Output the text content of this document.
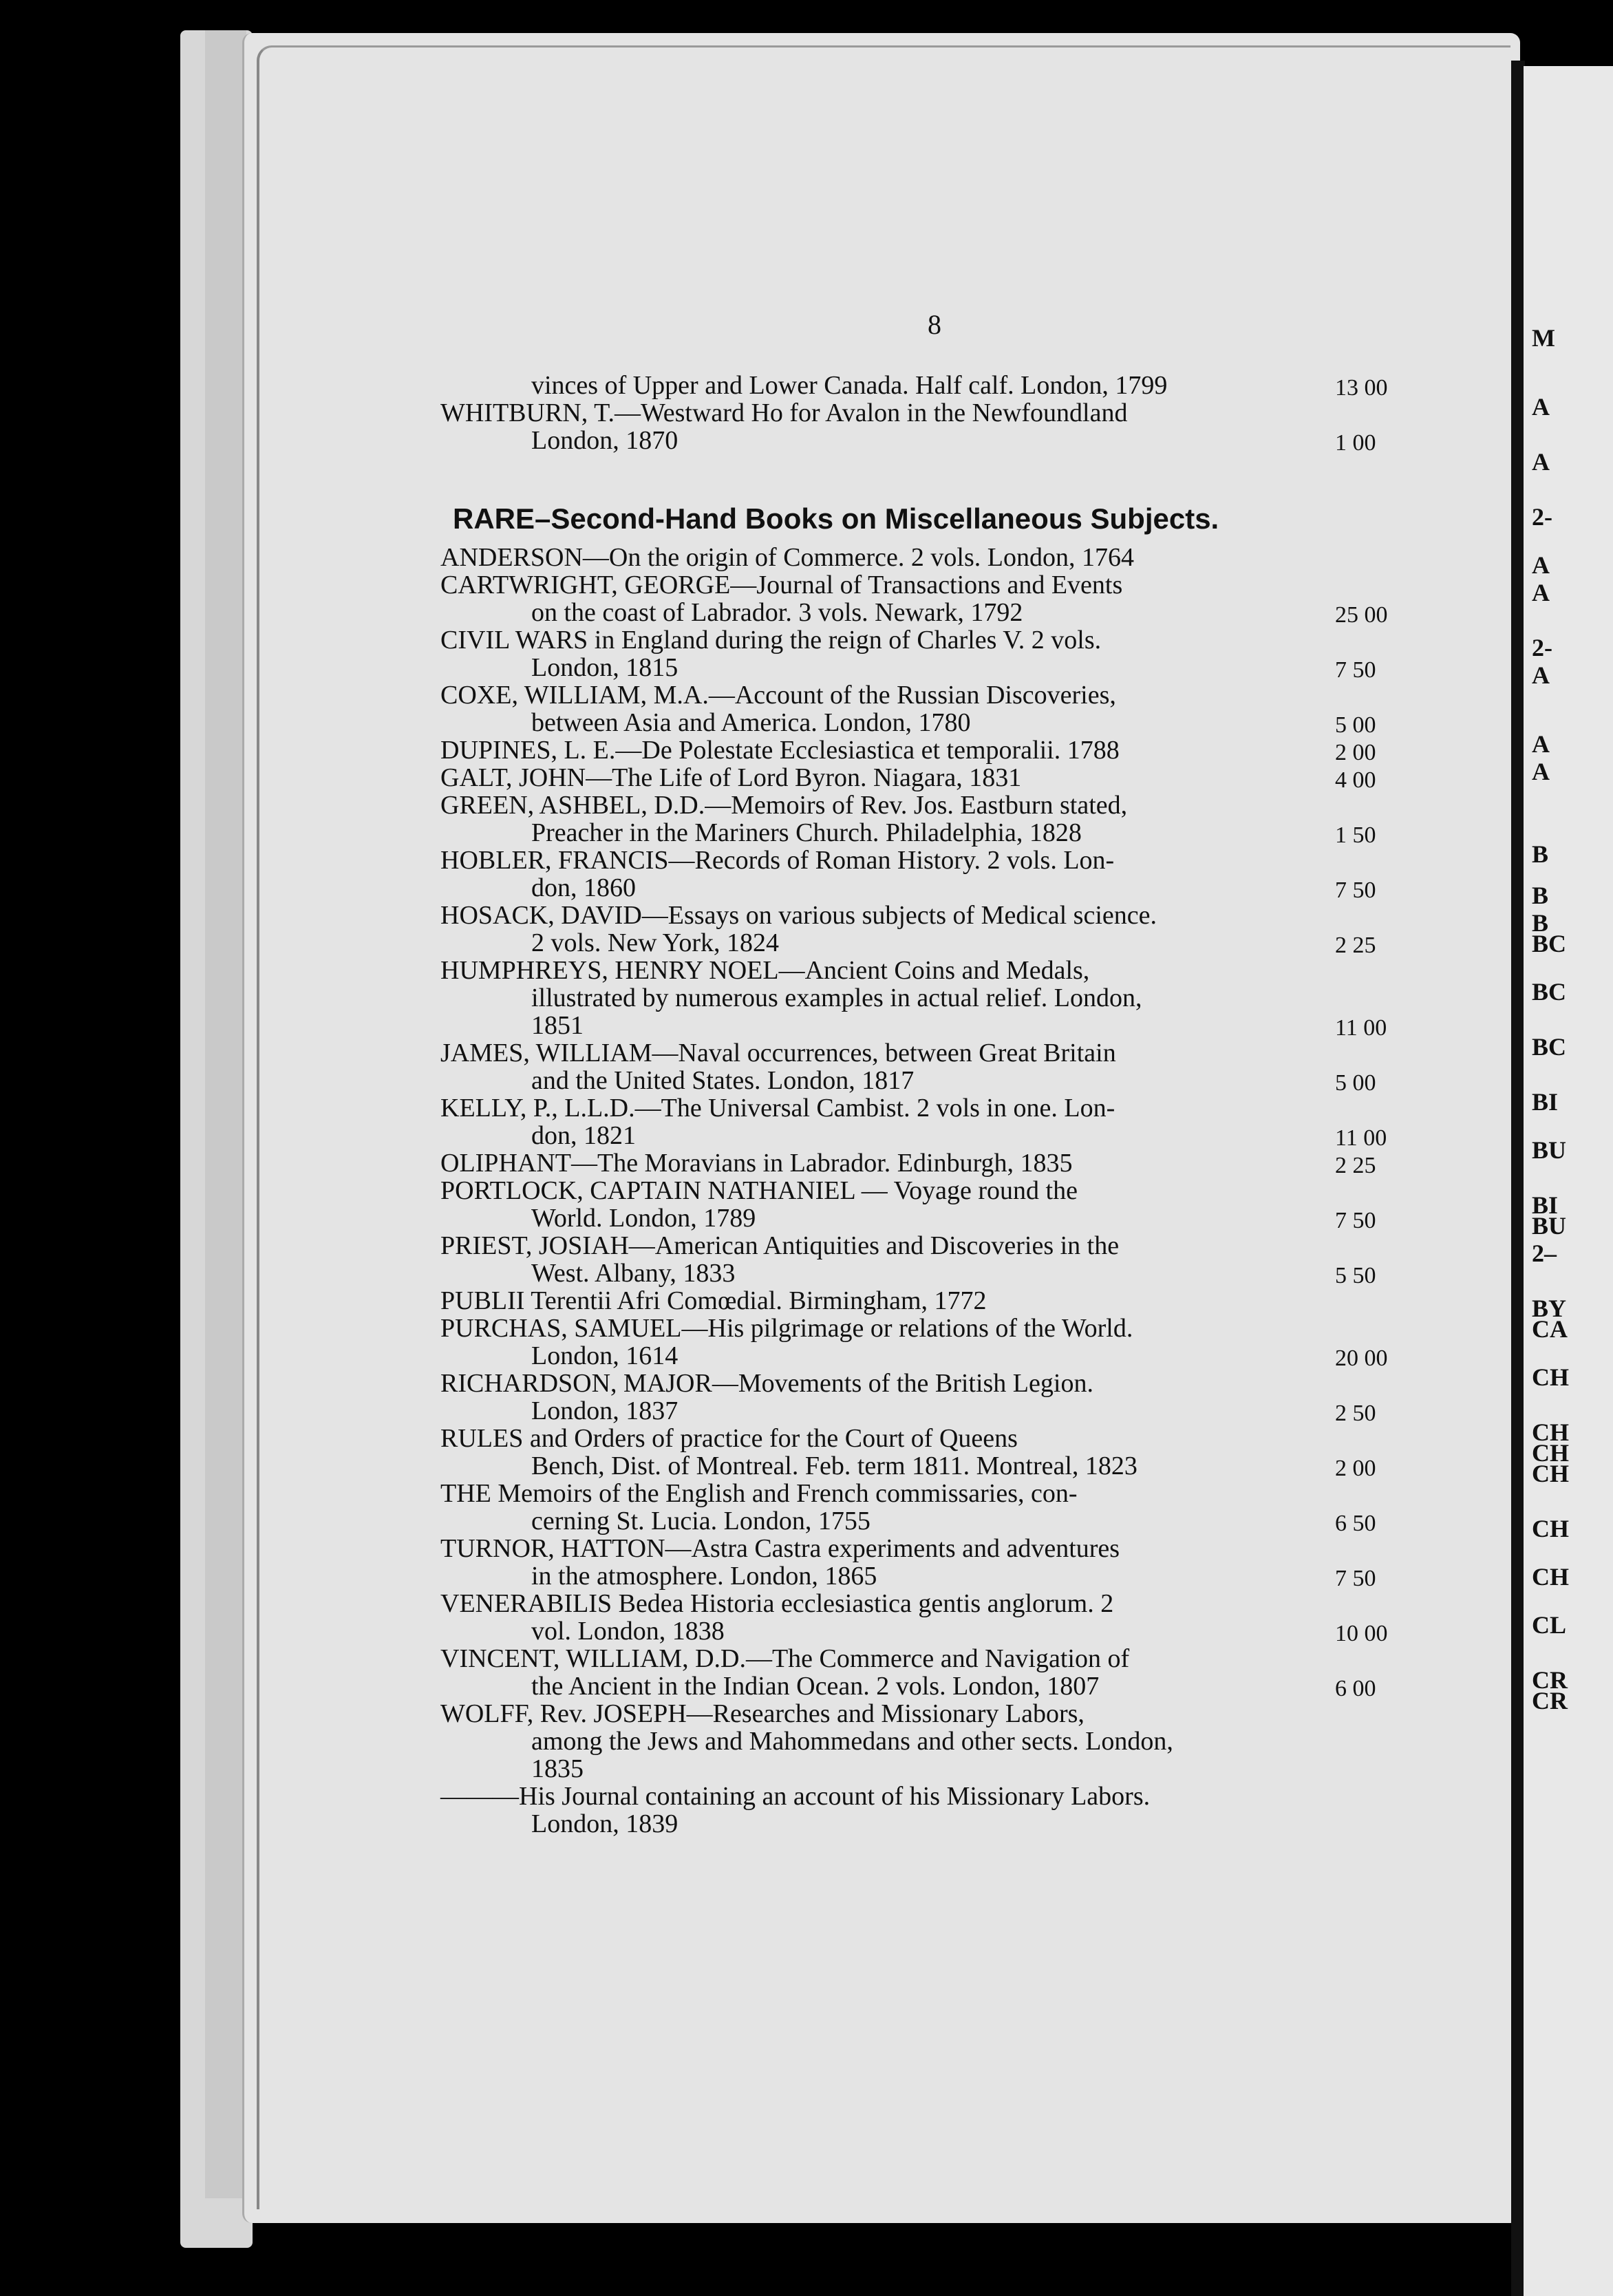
M
A
A
2-
A
A
2-
A
A
A
B
B
B
BC
BC
BC
BI
BU
BI
BU
2–
BY
CA
CH
CH
CH
CH
CH
CH
CL
CR
CR
8
RARE–Second-Hand Books on Miscellaneous Subjects.
vinces of Upper and Lower Canada. Half calf. London, 1799	13 00
WHITBURN, T.—Westward Ho for Avalon in the Newfoundland
London, 1870	1 00
ANDERSON—On the origin of Commerce. 2 vols. London, 1764
CARTWRIGHT, GEORGE—Journal of Transactions and Events
on the coast of Labrador. 3 vols. Newark, 1792	25 00
CIVIL WARS in England during the reign of Charles V. 2 vols.
London, 1815	7 50
COXE, WILLIAM, M.A.—Account of the Russian Discoveries,
between Asia and America. London, 1780	5 00
DUPINES, L. E.—De Polestate Ecclesiastica et temporalii. 1788	2 00
GALT, JOHN—The Life of Lord Byron. Niagara, 1831	4 00
GREEN, ASHBEL, D.D.—Memoirs of Rev. Jos. Eastburn stated,
Preacher in the Mariners Church. Philadelphia, 1828	1 50
HOBLER, FRANCIS—Records of Roman History. 2 vols. Lon-
don, 1860	7 50
HOSACK, DAVID—Essays on various subjects of Medical science.
2 vols. New York, 1824	2 25
HUMPHREYS, HENRY NOEL—Ancient Coins and Medals,
illustrated by numerous examples in actual relief. London,
1851	11 00
JAMES, WILLIAM—Naval occurrences, between Great Britain
and the United States. London, 1817	5 00
KELLY, P., L.L.D.—The Universal Cambist. 2 vols in one. Lon-
don, 1821	11 00
OLIPHANT—The Moravians in Labrador. Edinburgh, 1835	2 25
PORTLOCK, CAPTAIN NATHANIEL — Voyage round the
World. London, 1789	7 50
PRIEST, JOSIAH—American Antiquities and Discoveries in the
West. Albany, 1833	5 50
PUBLII Terentii Afri Comœdial. Birmingham, 1772
PURCHAS, SAMUEL—His pilgrimage or relations of the World.
London, 1614	20 00
RICHARDSON, MAJOR—Movements of the British Legion.
London, 1837	2 50
RULES and Orders of practice for the Court of Queens
Bench, Dist. of Montreal. Feb. term 1811. Montreal, 1823	2 00
THE Memoirs of the English and French commissaries, con-
cerning St. Lucia. London, 1755	6 50
TURNOR, HATTON—Astra Castra experiments and adventures
in the atmosphere. London, 1865	7 50
VENERABILIS Bedea Historia ecclesiastica gentis anglorum. 2
vol. London, 1838	10 00
VINCENT, WILLIAM, D.D.—The Commerce and Navigation of
the Ancient in the Indian Ocean. 2 vols. London, 1807	6 00
WOLFF, Rev. JOSEPH—Researches and Missionary Labors,
among the Jews and Mahommedans and other sects. London,
1835
———His Journal containing an account of his Missionary Labors.
London, 1839
